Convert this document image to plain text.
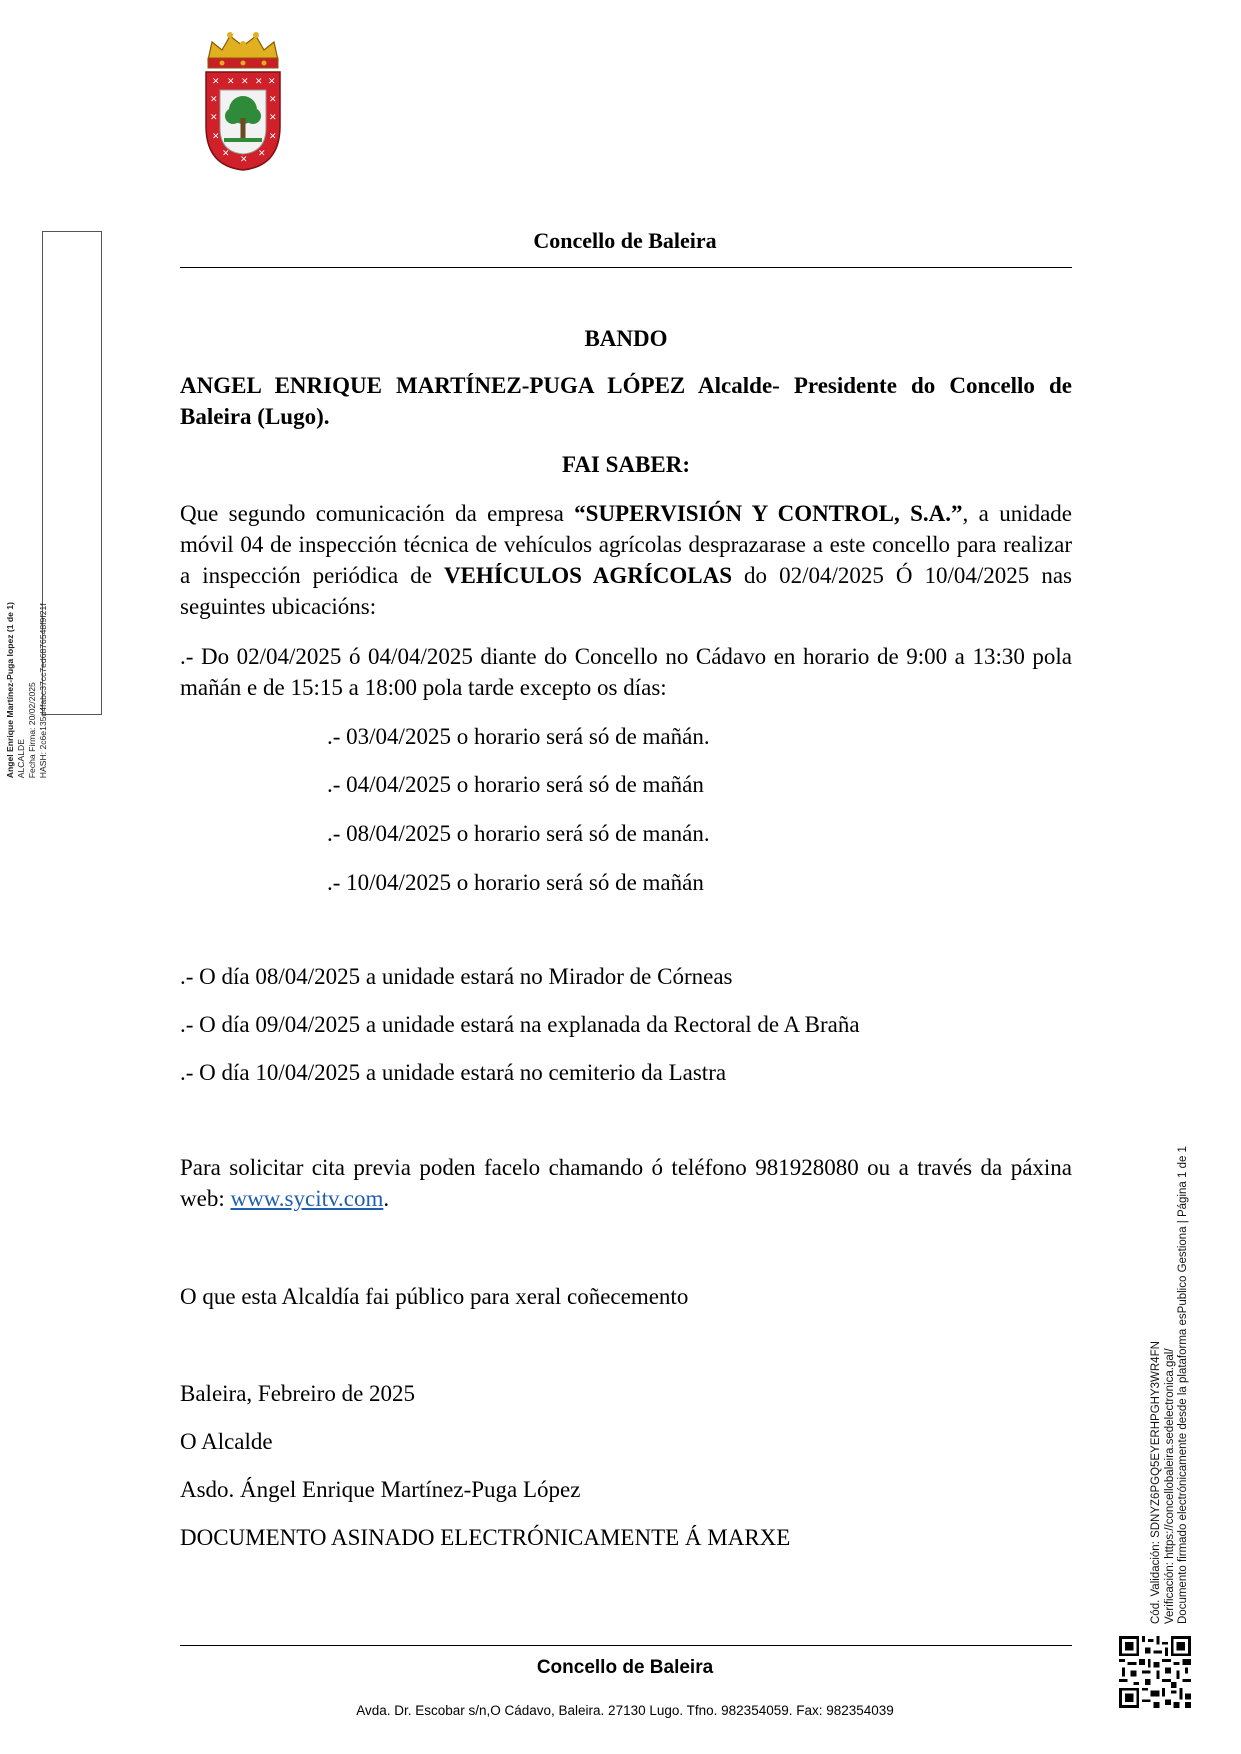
✕ ✕ ✕ ✕ ✕
✕	✕
✕	✕
✕	✕
✕
✕
✕
Angel Enrique Martínez-Puga lopez (1 de 1) ALCALDE Fecha Firma: 20/02/2025 HASH: 2c6e135d4fabc37cc7ed6876548f9f21f
Cód. Validación: SDNYZ6PGQ5EYERHPGHY3WR4FN Verificación: https://concellobaleira.sedelectronica.gal/ Documento firmado electrónicamente desde la plataforma esPublico Gestiona | Página 1 de 1
Concello de Baleira
BANDO
ANGEL ENRIQUE MARTÍNEZ-PUGA LÓPEZ Alcalde- Presidente do Concello de Baleira (Lugo).
FAI SABER:
Que segundo comunicación da empresa “SUPERVISIÓN Y CONTROL, S.A.”, a unidade móvil 04 de inspección técnica de vehículos agrícolas desprazarase a este concello para realizar a inspección periódica de VEHÍCULOS AGRÍCOLAS do 02/04/2025 Ó 10/04/2025 nas seguintes ubicacións:
.- Do 02/04/2025 ó 04/04/2025 diante do Concello no Cádavo en horario de 9:00 a 13:30 pola mañán e de 15:15 a 18:00 pola tarde excepto os días:
.- 03/04/2025 o horario será só de mañán.
.- 04/04/2025 o horario será só de mañán
.- 08/04/2025 o horario será só de manán.
.- 10/04/2025 o horario será só de mañán
.- O día 08/04/2025 a unidade estará no Mirador de Córneas
.- O día 09/04/2025 a unidade estará na explanada da Rectoral de A Braña
.- O día 10/04/2025 a unidade estará no cemiterio da Lastra
Para solicitar cita previa poden facelo chamando ó teléfono 981928080 ou a través da páxina web: www.sycitv.com.
O que esta Alcaldía fai público para xeral coñecemento
Baleira, Febreiro de 2025
O Alcalde
Asdo. Ángel Enrique Martínez-Puga López
DOCUMENTO ASINADO ELECTRÓNICAMENTE Á MARXE
Concello de Baleira
Avda. Dr. Escobar s/n,O Cádavo, Baleira. 27130 Lugo. Tfno. 982354059. Fax: 982354039
